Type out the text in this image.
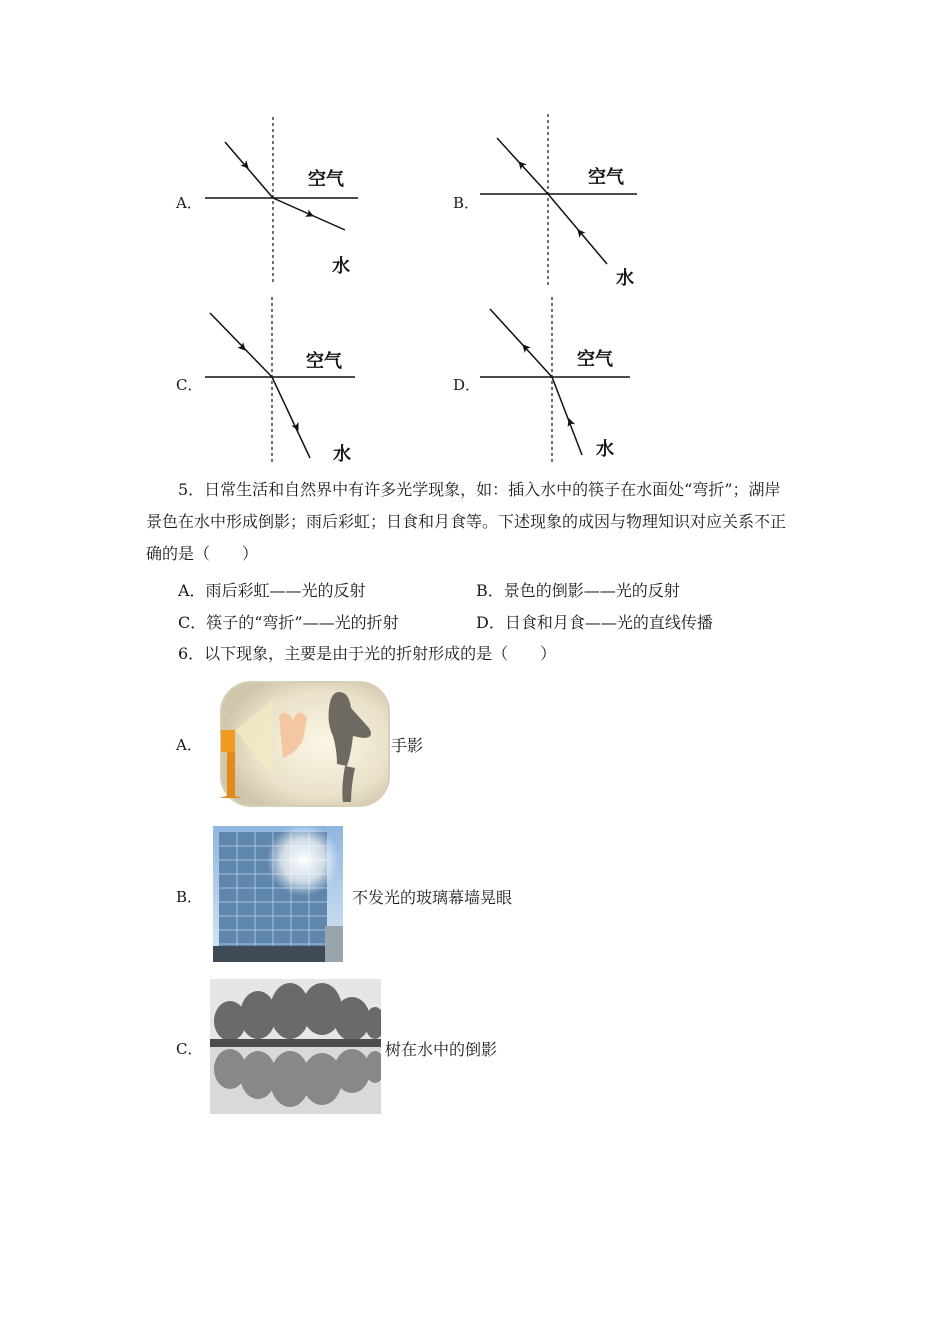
A．
空气
水
B．
空气
水
C．
空气
水
D．
空气
水
5．日常生活和自然界中有许多光学现象，如：插入水中的筷子在水面处“弯折”；湖岸
景色在水中形成倒影；雨后彩虹；日食和月食等。下述现象的成因与物理知识对应关系不正
确的是（　　）
A．雨后彩虹——光的反射	B．景色的倒影——光的反射
C．筷子的“弯折”——光的折射	D．日食和月食——光的直线传播
6．以下现象，主要是由于光的折射形成的是（　　）
A．	手影
B．	不发光的玻璃幕墙晃眼
C．	树在水中的倒影
